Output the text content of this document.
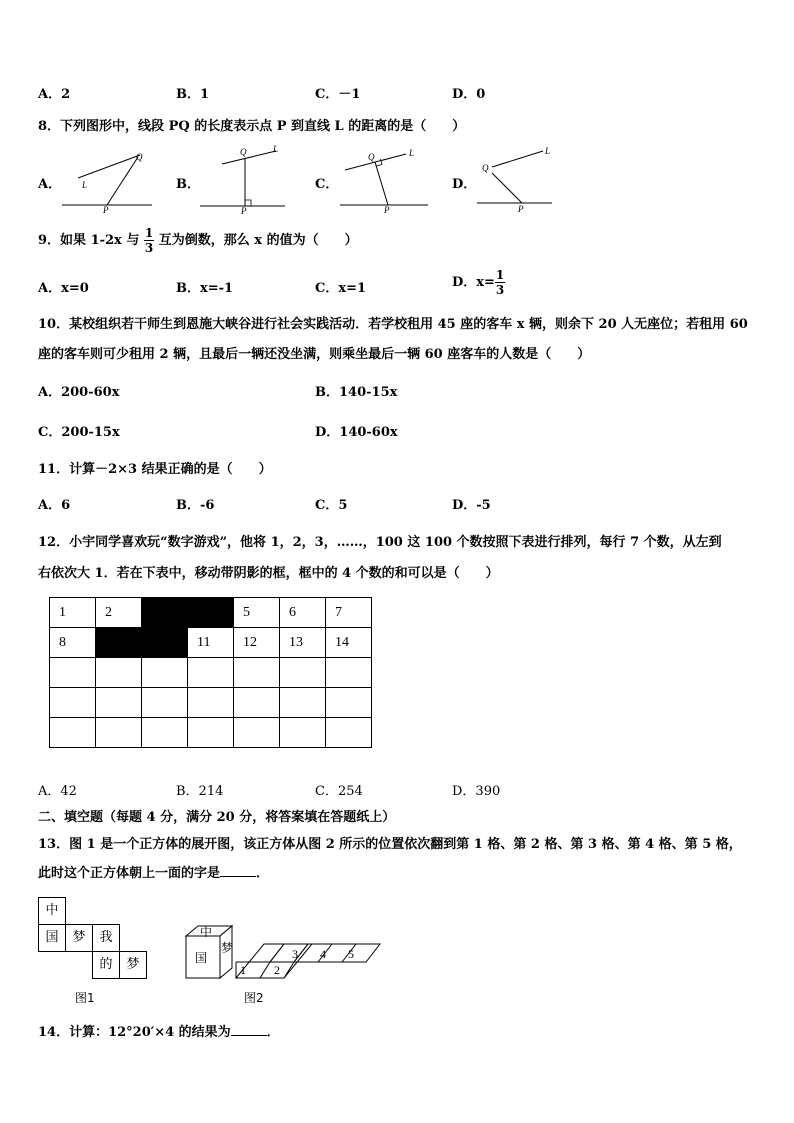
A．2	B．1	C．－1	D．0
8．下列图形中，线段 PQ 的长度表示点 P 到直线 L 的距离的是（　　）
A．	B．	C．	D．
Q
L
P
Q	L
P
Q	L
P
Q
L
P
9．如果 1-2x 与 $\frac{1}{3}$ 互为倒数，那么 x 的值为（　　）
A．x=0	B．x=-1	C．x=1	D．$x= \frac{1}{3}$
10．某校组织若干师生到恩施大峡谷进行社会实践活动．若学校租用 45 座的客车 x 辆，则余下 20 人无座位；若租用 60
座的客车则可少租用 2 辆，且最后一辆还没坐满，则乘坐最后一辆 60 座客车的人数是（　　）
A．200-60x	B．140-15x
C．200-15x	D．140-60x
11．计算－2×3 结果正确的是（　　）
A．6	B．-6	C．5	D．-5
12．小宇同学喜欢玩“数字游戏”，他将 1，2，3，……，100 这 100 个数按照下表进行排列，每行 7 个数，从左到
右依次大 1．若在下表中，移动带阴影的框，框中的 4 个数的和可以是（　　）
1	2			5	6	7
8			11	12	13	14

A．42	B．214	C．254	D．390
二、填空题（每题 4 分，满分 20 分，将答案填在答题纸上）
13．图 1 是一个正方体的展开图，该正方体从图 2 所示的位置依次翻到第 1 格、第 2 格、第 3 格、第 4 格、第 5 格，
此时这个正方体朝上一面的字是	．
中
国	梦	我
的	梦
图1
中
国
梦
1 2
3 4 5
图2
14．计算：12°20′×4 的结果为	．
